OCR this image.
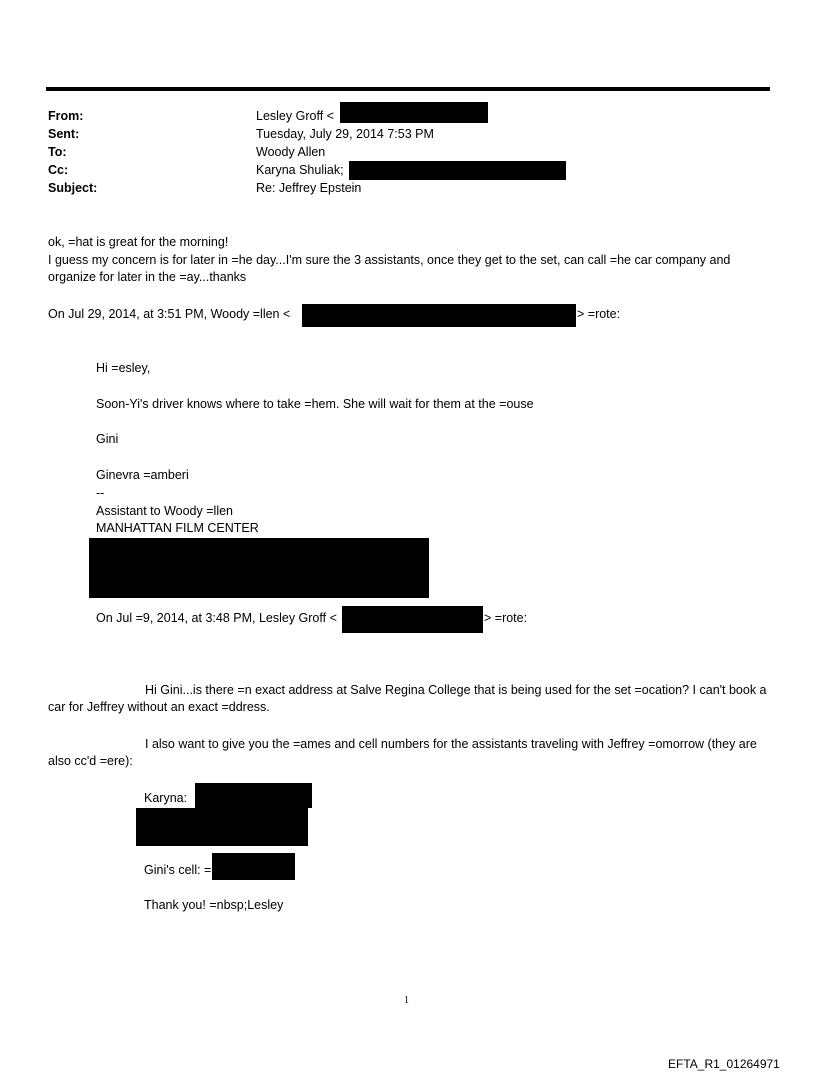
From:	Lesley Groff <
Sent:	Tuesday, July 29, 2014 7:53 PM
To:	Woody Allen
Cc:	Karyna Shuliak;
Subject:	Re: Jeffrey Epstein
ok, =hat is great for the morning!
I guess my concern is for later in =he day...I'm sure the 3 assistants, once they get to the set, can call =he car company and organize for later in the =ay...thanks
On Jul 29, 2014, at 3:51 PM, Woody =llen <	> =rote:
Hi =esley,
Soon-Yi's driver knows where to take =hem. She will wait for them at the =ouse
Gini
Ginevra =amberi
--
Assistant to Woody =llen
MANHATTAN FILM CENTER
On Jul =9, 2014, at 3:48 PM, Lesley Groff <	> =rote:
Hi Gini...is there =n exact address at Salve Regina College that is being used for the set =ocation? I can't book a car for Jeffrey without an exact =ddress.
I also want to give you the =ames and cell numbers for the assistants traveling with Jeffrey =omorrow (they are also cc'd =ere):
Karyna:
Gini's cell: =
Thank you! =nbsp;Lesley
1
EFTA_R1_01264971
